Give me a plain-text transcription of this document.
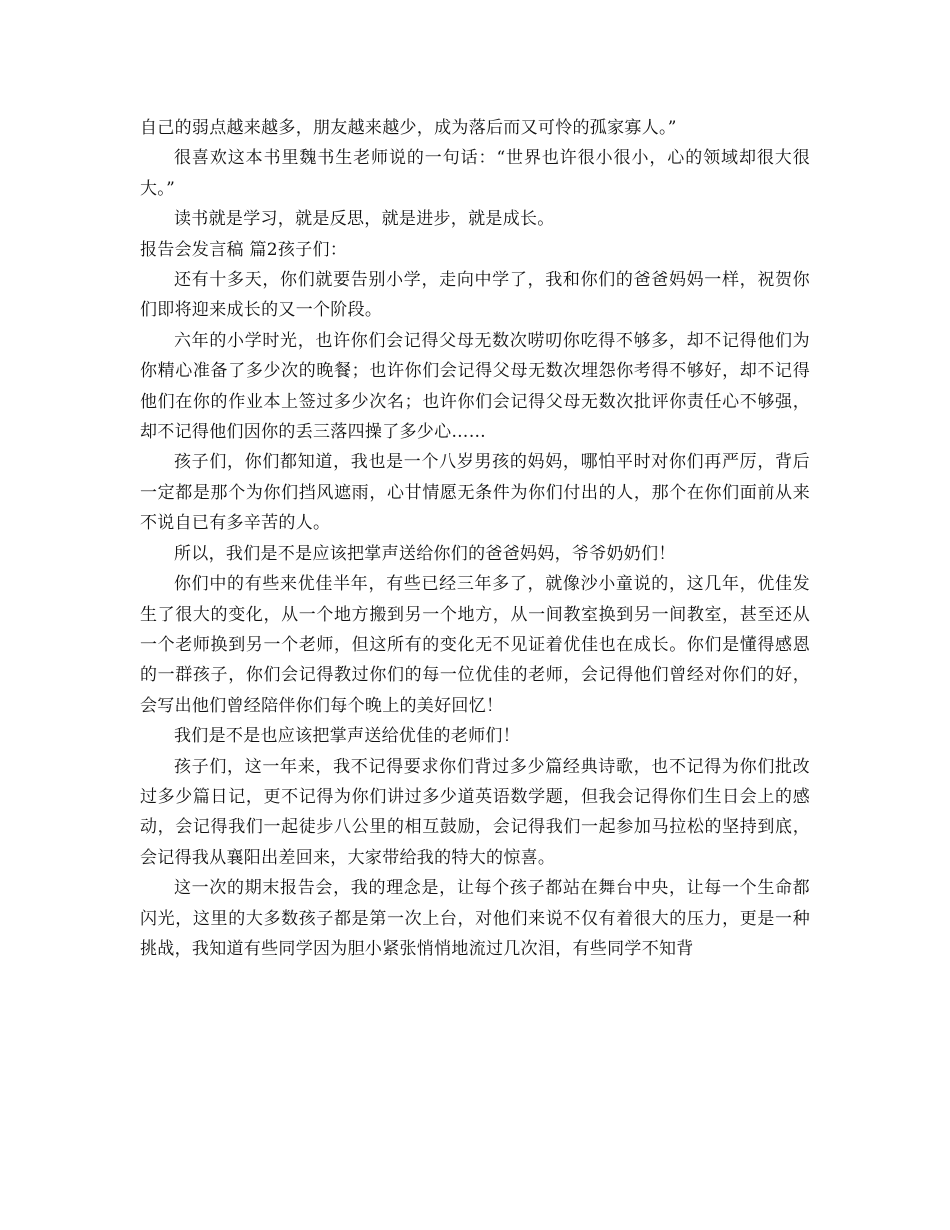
自己的弱点越来越多，朋友越来越少，成为落后而又可怜的孤家寡人。”

很喜欢这本书里魏书生老师说的一句话：“世界也许很小很小，心的领域却很大很大。”

读书就是学习，就是反思，就是进步，就是成长。

报告会发言稿 篇2孩子们：

还有十多天，你们就要告别小学，走向中学了，我和你们的爸爸妈妈一样，祝贺你们即将迎来成长的又一个阶段。

六年的小学时光，也许你们会记得父母无数次唠叨你吃得不够多，却不记得他们为你精心准备了多少次的晚餐；也许你们会记得父母无数次埋怨你考得不够好，却不记得他们在你的作业本上签过多少次名；也许你们会记得父母无数次批评你责任心不够强，却不记得他们因你的丢三落四操了多少心……

孩子们，你们都知道，我也是一个八岁男孩的妈妈，哪怕平时对你们再严厉，背后一定都是那个为你们挡风遮雨，心甘情愿无条件为你们付出的人，那个在你们面前从来不说自已有多辛苦的人。

所以，我们是不是应该把掌声送给你们的爸爸妈妈，爷爷奶奶们！

你们中的有些来优佳半年，有些已经三年多了，就像沙小童说的，这几年，优佳发生了很大的变化，从一个地方搬到另一个地方，从一间教室换到另一间教室，甚至还从一个老师换到另一个老师，但这所有的变化无不见证着优佳也在成长。你们是懂得感恩的一群孩子，你们会记得教过你们的每一位优佳的老师，会记得他们曾经对你们的好，会写出他们曾经陪伴你们每个晚上的美好回忆！

我们是不是也应该把掌声送给优佳的老师们！

孩子们，这一年来，我不记得要求你们背过多少篇经典诗歌，也不记得为你们批改过多少篇日记，更不记得为你们讲过多少道英语数学题，但我会记得你们生日会上的感动，会记得我们一起徒步八公里的相互鼓励，会记得我们一起参加马拉松的坚持到底，会记得我从襄阳出差回来，大家带给我的特大的惊喜。

这一次的期末报告会，我的理念是，让每个孩子都站在舞台中央，让每一个生命都闪光，这里的大多数孩子都是第一次上台，对他们来说不仅有着很大的压力，更是一种挑战，我知道有些同学因为胆小紧张悄悄地流过几次泪，有些同学不知背
